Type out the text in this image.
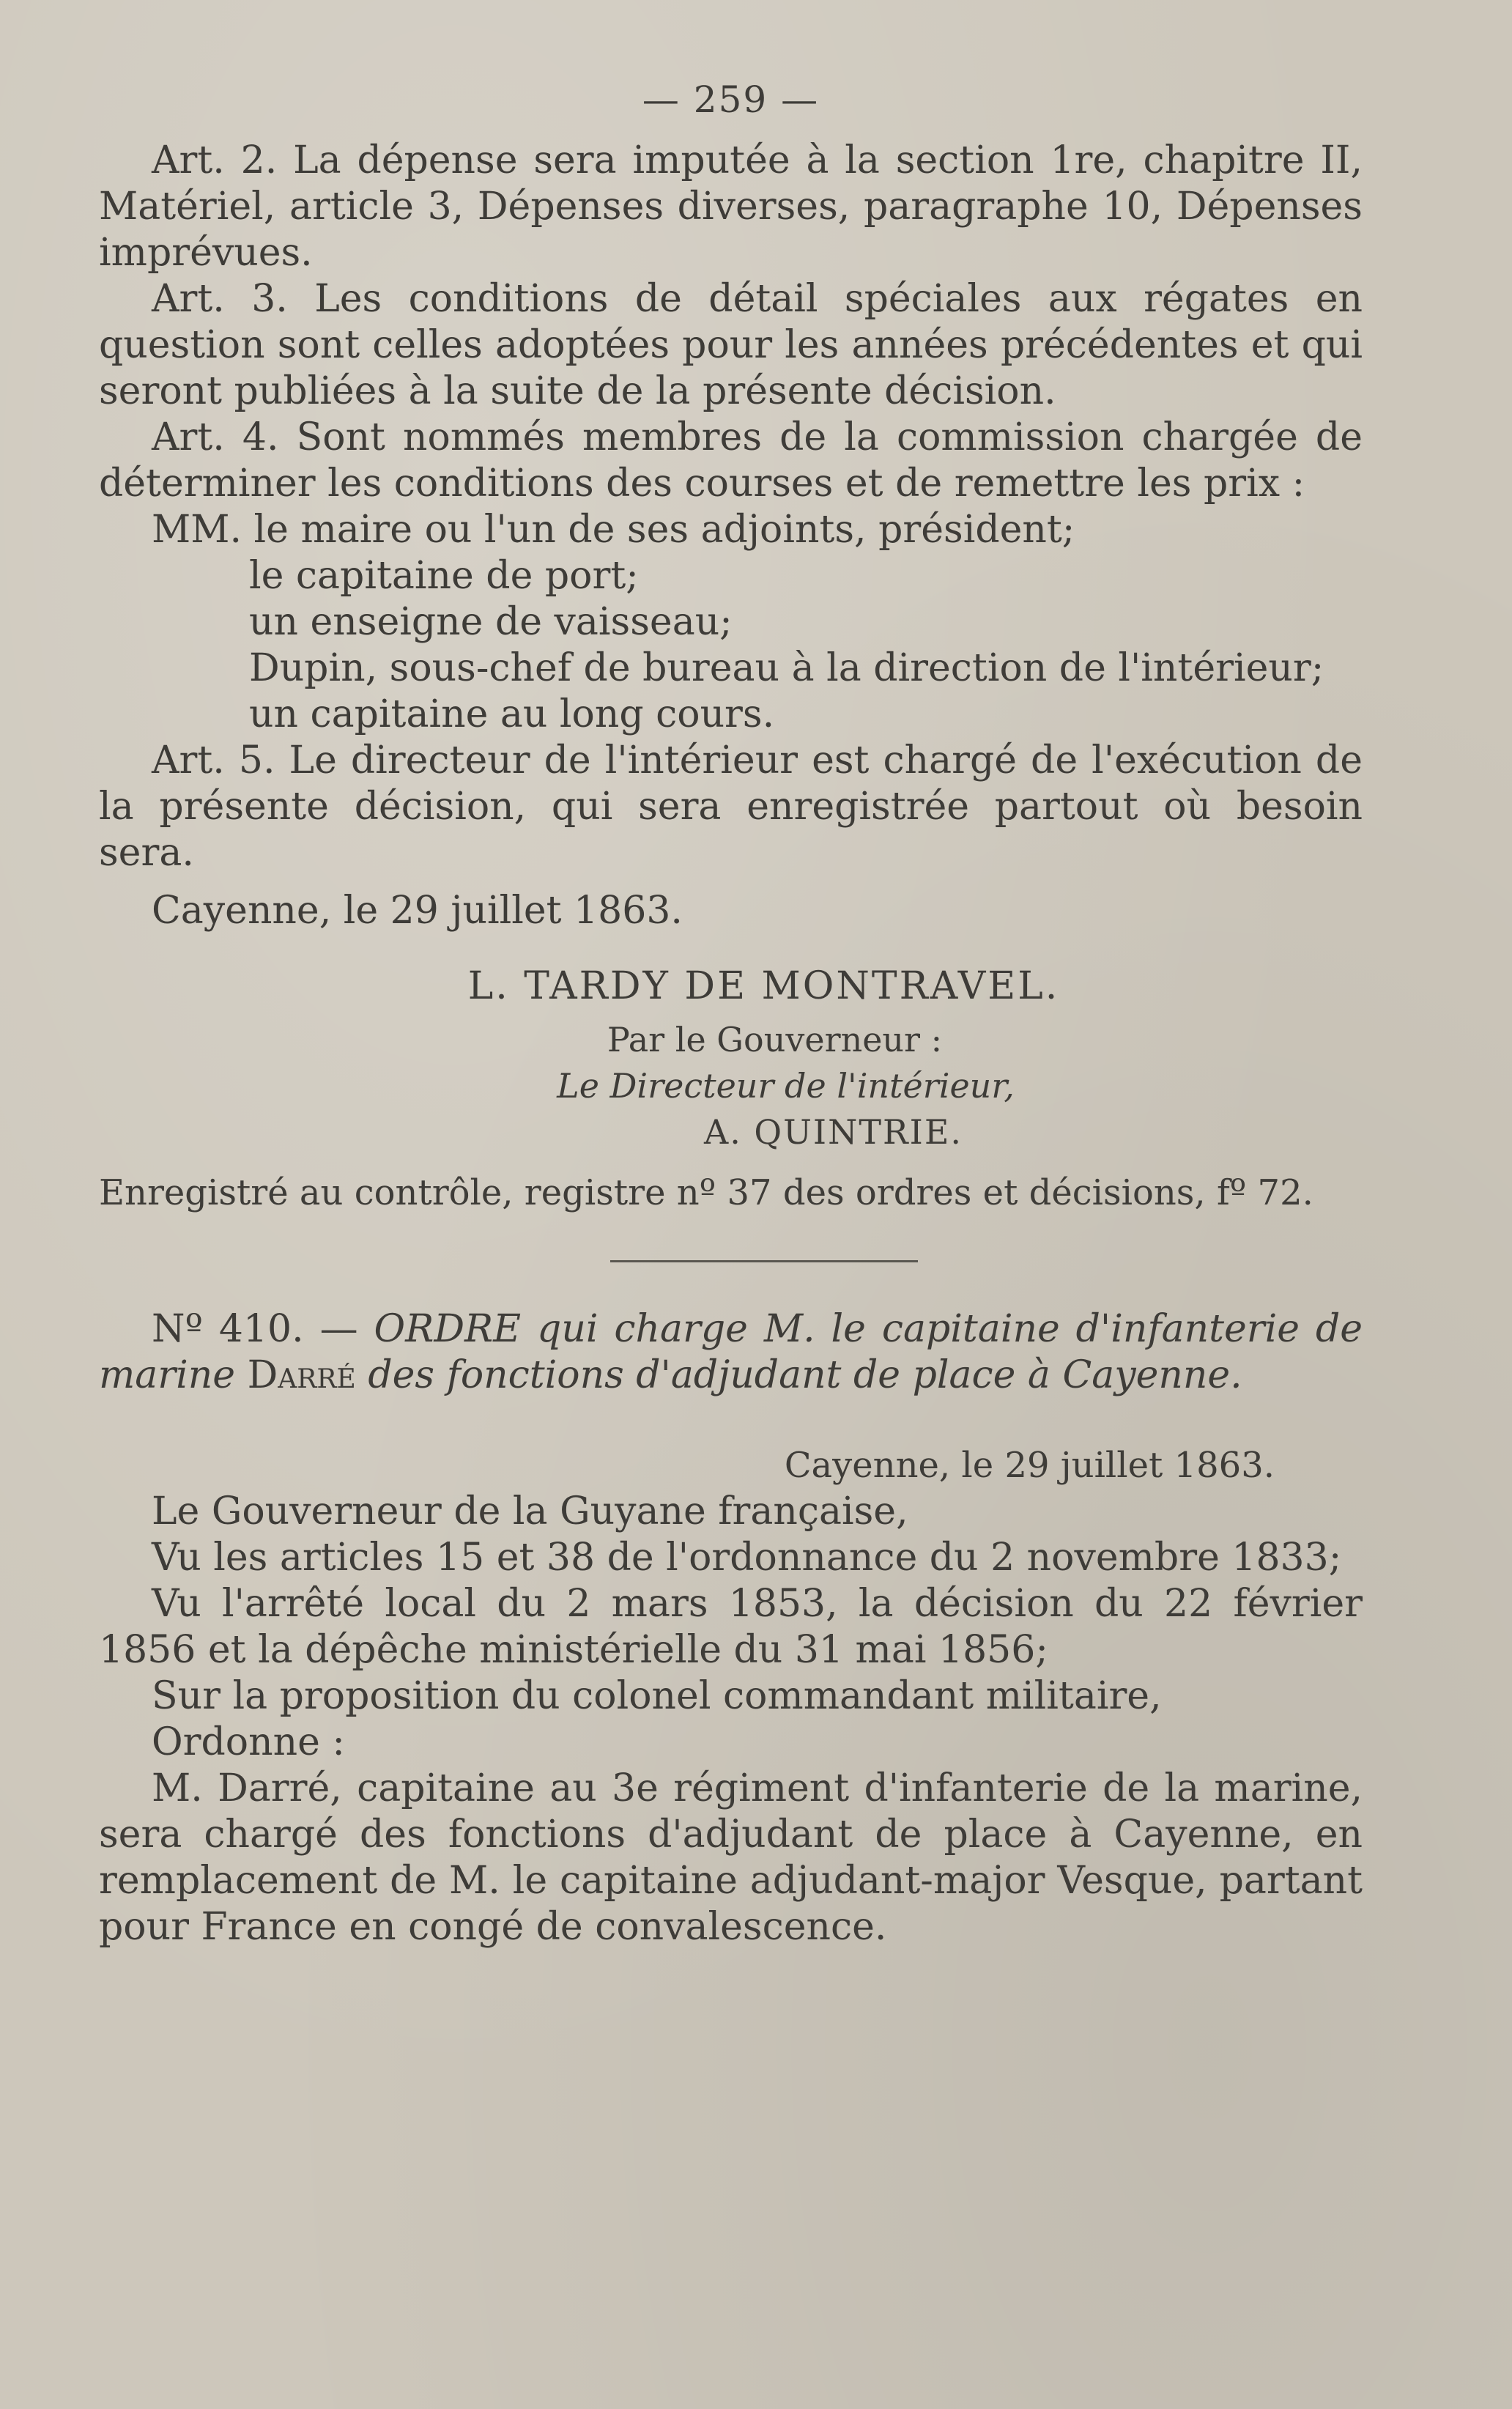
— 259 —

Art. 2. La dépense sera imputée à la section 1re, chapitre II, Matériel, article 3, Dépenses diverses, paragraphe 10, Dépenses imprévues.

Art. 3. Les conditions de détail spéciales aux régates en question sont celles adoptées pour les années précédentes et qui seront publiées à la suite de la présente décision.

Art. 4. Sont nommés membres de la commission chargée de déterminer les conditions des courses et de remettre les prix :

MM. le maire ou l'un de ses adjoints, président;

le capitaine de port;

un enseigne de vaisseau;

Dupin, sous-chef de bureau à la direction de l'intérieur;

un capitaine au long cours.

Art. 5. Le directeur de l'intérieur est chargé de l'exécution de la présente décision, qui sera enregistrée partout où besoin sera.

Cayenne, le 29 juillet 1863.

L. TARDY DE MONTRAVEL.

Par le Gouverneur :

Le Directeur de l'intérieur,

A. QUINTRIE.

Enregistré au contrôle, registre nº 37 des ordres et décisions, fº 72.

Nº 410. — ORDRE qui charge M. le capitaine d'infanterie de marine Darré des fonctions d'adjudant de place à Cayenne.

Cayenne, le 29 juillet 1863.

Le Gouverneur de la Guyane française,

Vu les articles 15 et 38 de l'ordonnance du 2 novembre 1833;

Vu l'arrêté local du 2 mars 1853, la décision du 22 février 1856 et la dépêche ministérielle du 31 mai 1856;

Sur la proposition du colonel commandant militaire,

Ordonne :

M. Darré, capitaine au 3e régiment d'infanterie de la marine, sera chargé des fonctions d'adjudant de place à Cayenne, en remplacement de M. le capitaine adjudant-major Vesque, partant pour France en congé de convalescence.
